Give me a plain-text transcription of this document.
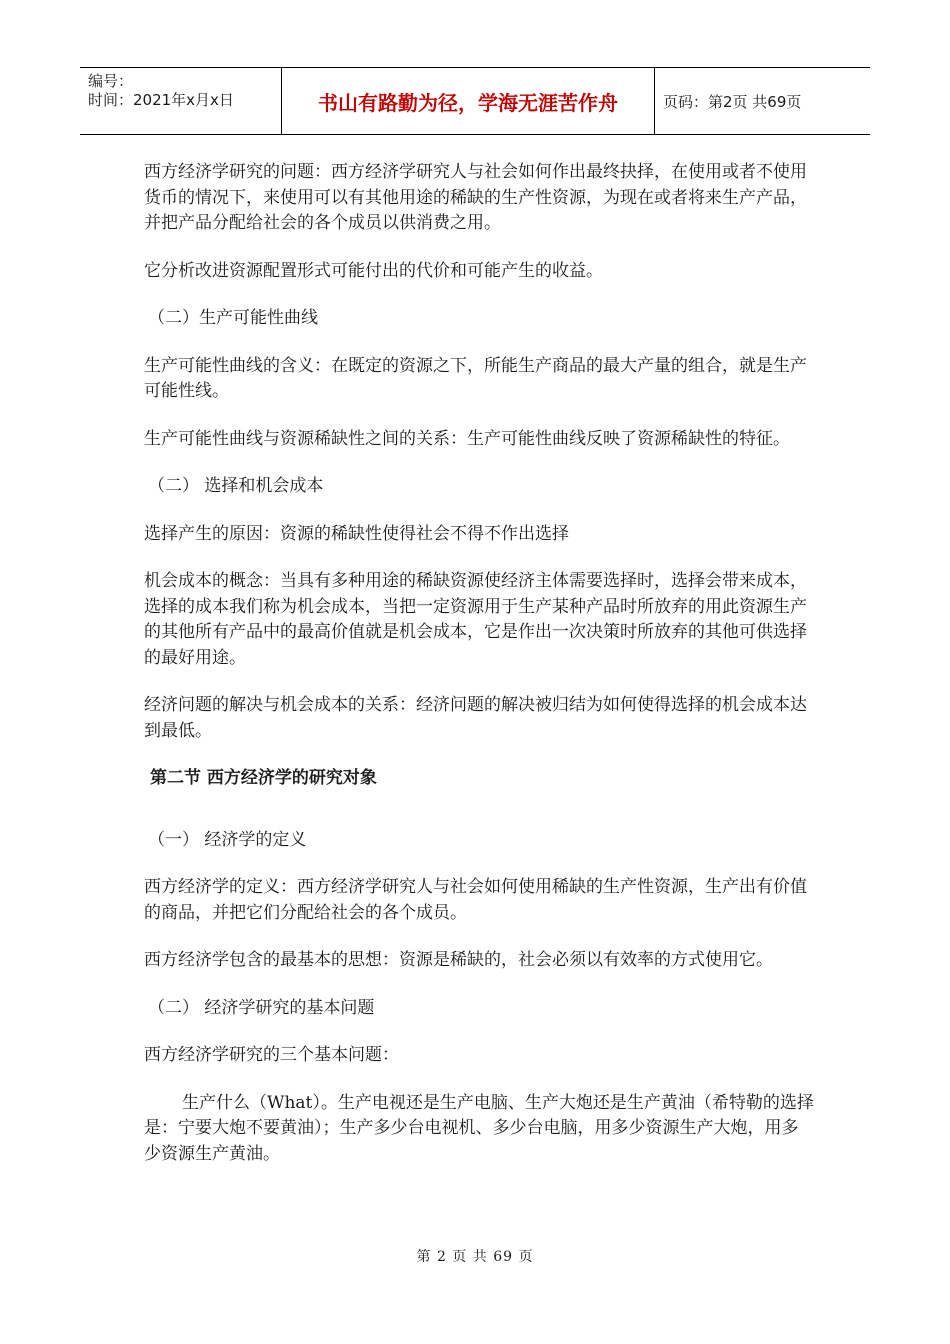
编号：
时间：2021年x月x日	书山有路勤为径，学海无涯苦作舟	页码：第2页 共69页

西方经济学研究的问题：西方经济学研究人与社会如何作出最终抉择，在使用或者不使用货币的情况下，来使用可以有其他用途的稀缺的生产性资源，为现在或者将来生产产品，并把产品分配给社会的各个成员以供消费之用。

它分析改进资源配置形式可能付出的代价和可能产生的收益。

（二）生产可能性曲线

生产可能性曲线的含义：在既定的资源之下，所能生产商品的最大产量的组合，就是生产可能性线。

生产可能性曲线与资源稀缺性之间的关系：生产可能性曲线反映了资源稀缺性的特征。

（二） 选择和机会成本

选择产生的原因：资源的稀缺性使得社会不得不作出选择

机会成本的概念：当具有多种用途的稀缺资源使经济主体需要选择时，选择会带来成本，选择的成本我们称为机会成本，当把一定资源用于生产某种产品时所放弃的用此资源生产的其他所有产品中的最高价值就是机会成本，它是作出一次决策时所放弃的其他可供选择的最好用途。

经济问题的解决与机会成本的关系：经济问题的解决被归结为如何使得选择的机会成本达到最低。

第二节 西方经济学的研究对象

（一） 经济学的定义

西方经济学的定义：西方经济学研究人与社会如何使用稀缺的生产性资源，生产出有价值的商品，并把它们分配给社会的各个成员。

西方经济学包含的最基本的思想：资源是稀缺的，社会必须以有效率的方式使用它。

（二） 经济学研究的基本问题

西方经济学研究的三个基本问题：

生产什么（What）。生产电视还是生产电脑、生产大炮还是生产黄油（希特勒的选择是：宁要大炮不要黄油）；生产多少台电视机、多少台电脑，用多少资源生产大炮，用多少资源生产黄油。

第 2 页 共 69 页
